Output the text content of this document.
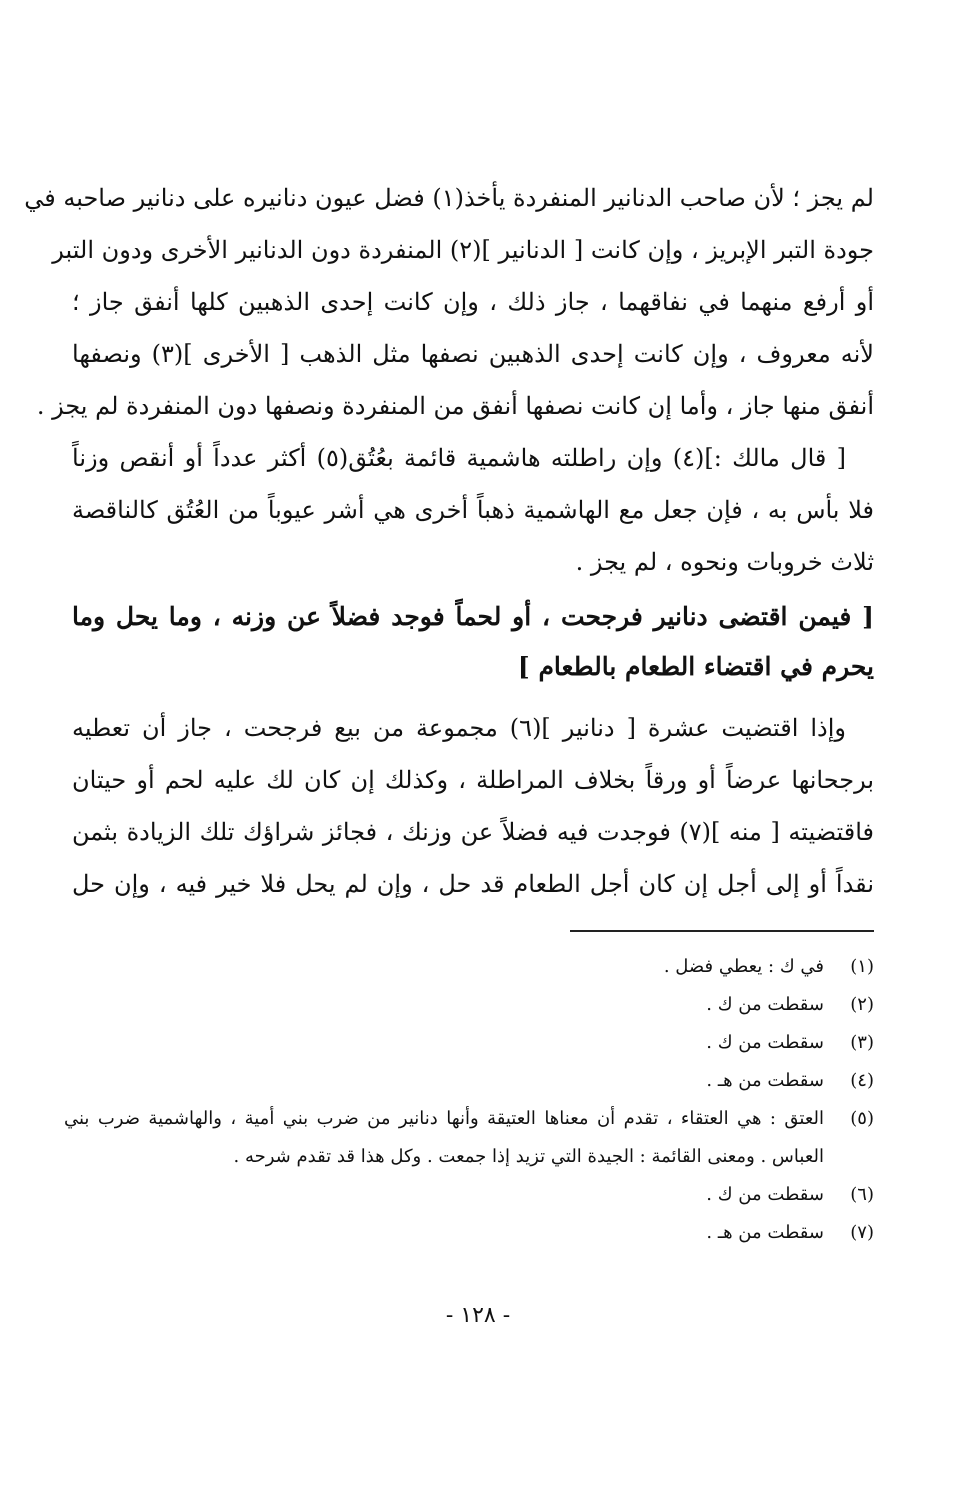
لم يجز ؛ لأن صاحب الدنانير المنفردة يأخذ(١) فضل عيون دنانيره على دنانير صاحبه في
جودة التبر الإبريز ، وإن كانت [ الدنانير ](٢) المنفردة دون الدنانير الأخرى ودون التبر
أو أرفع منهما في نفاقهما ، جاز ذلك ، وإن كانت إحدى الذهبين كلها أنفق جاز ؛
لأنه معروف ، وإن كانت إحدى الذهبين نصفها مثل الذهب [ الأخرى ](٣) ونصفها
أنفق منها جاز ، وأما إن كانت نصفها أنفق من المنفردة ونصفها دون المنفردة لم يجز .
[ قال مالك :](٤) وإن راطلته هاشمية قائمة بعُتُق(٥) أكثر عدداً أو أنقص وزناً
فلا بأس به ، فإن جعل مع الهاشمية ذهباً أخرى هي أشر عيوباً من العُتُق كالناقصة
ثلاث خروبات ونحوه ، لم يجز .
[ فيمن اقتضى دنانير فرجحت ، أو لحماً فوجد فضلاً عن وزنه ، وما يحل وما
يحرم في اقتضاء الطعام بالطعام ]
وإذا اقتضيت عشرة [ دنانير ](٦) مجموعة من بيع فرجحت ، جاز أن تعطيه
برجحانها عرضاً أو ورقاً بخلاف المراطلة ، وكذلك إن كان لك عليه لحم أو حيتان
فاقتضيته [ منه ](٧) فوجدت فيه فضلاً عن وزنك ، فجائز شراؤك تلك الزيادة بثمن
نقداً أو إلى أجل إن كان أجل الطعام قد حل ، وإن لم يحل فلا خير فيه ، وإن حل
(١)
في ك : يعطي فضل .
(٢)
سقطت من ك .
(٣)
سقطت من ك .
(٤)
سقطت من هـ .
(٥)
العتق : هي العتقاء ، تقدم أن معناها العتيقة وأنها دنانير من ضرب بني أمية ، والهاشمية ضرب بني العباس . ومعنى القائمة : الجيدة التي تزيد إذا جمعت . وكل هذا قد تقدم شرحه .
(٦)
سقطت من ك .
(٧)
سقطت من هـ .
- ١٢٨ -
